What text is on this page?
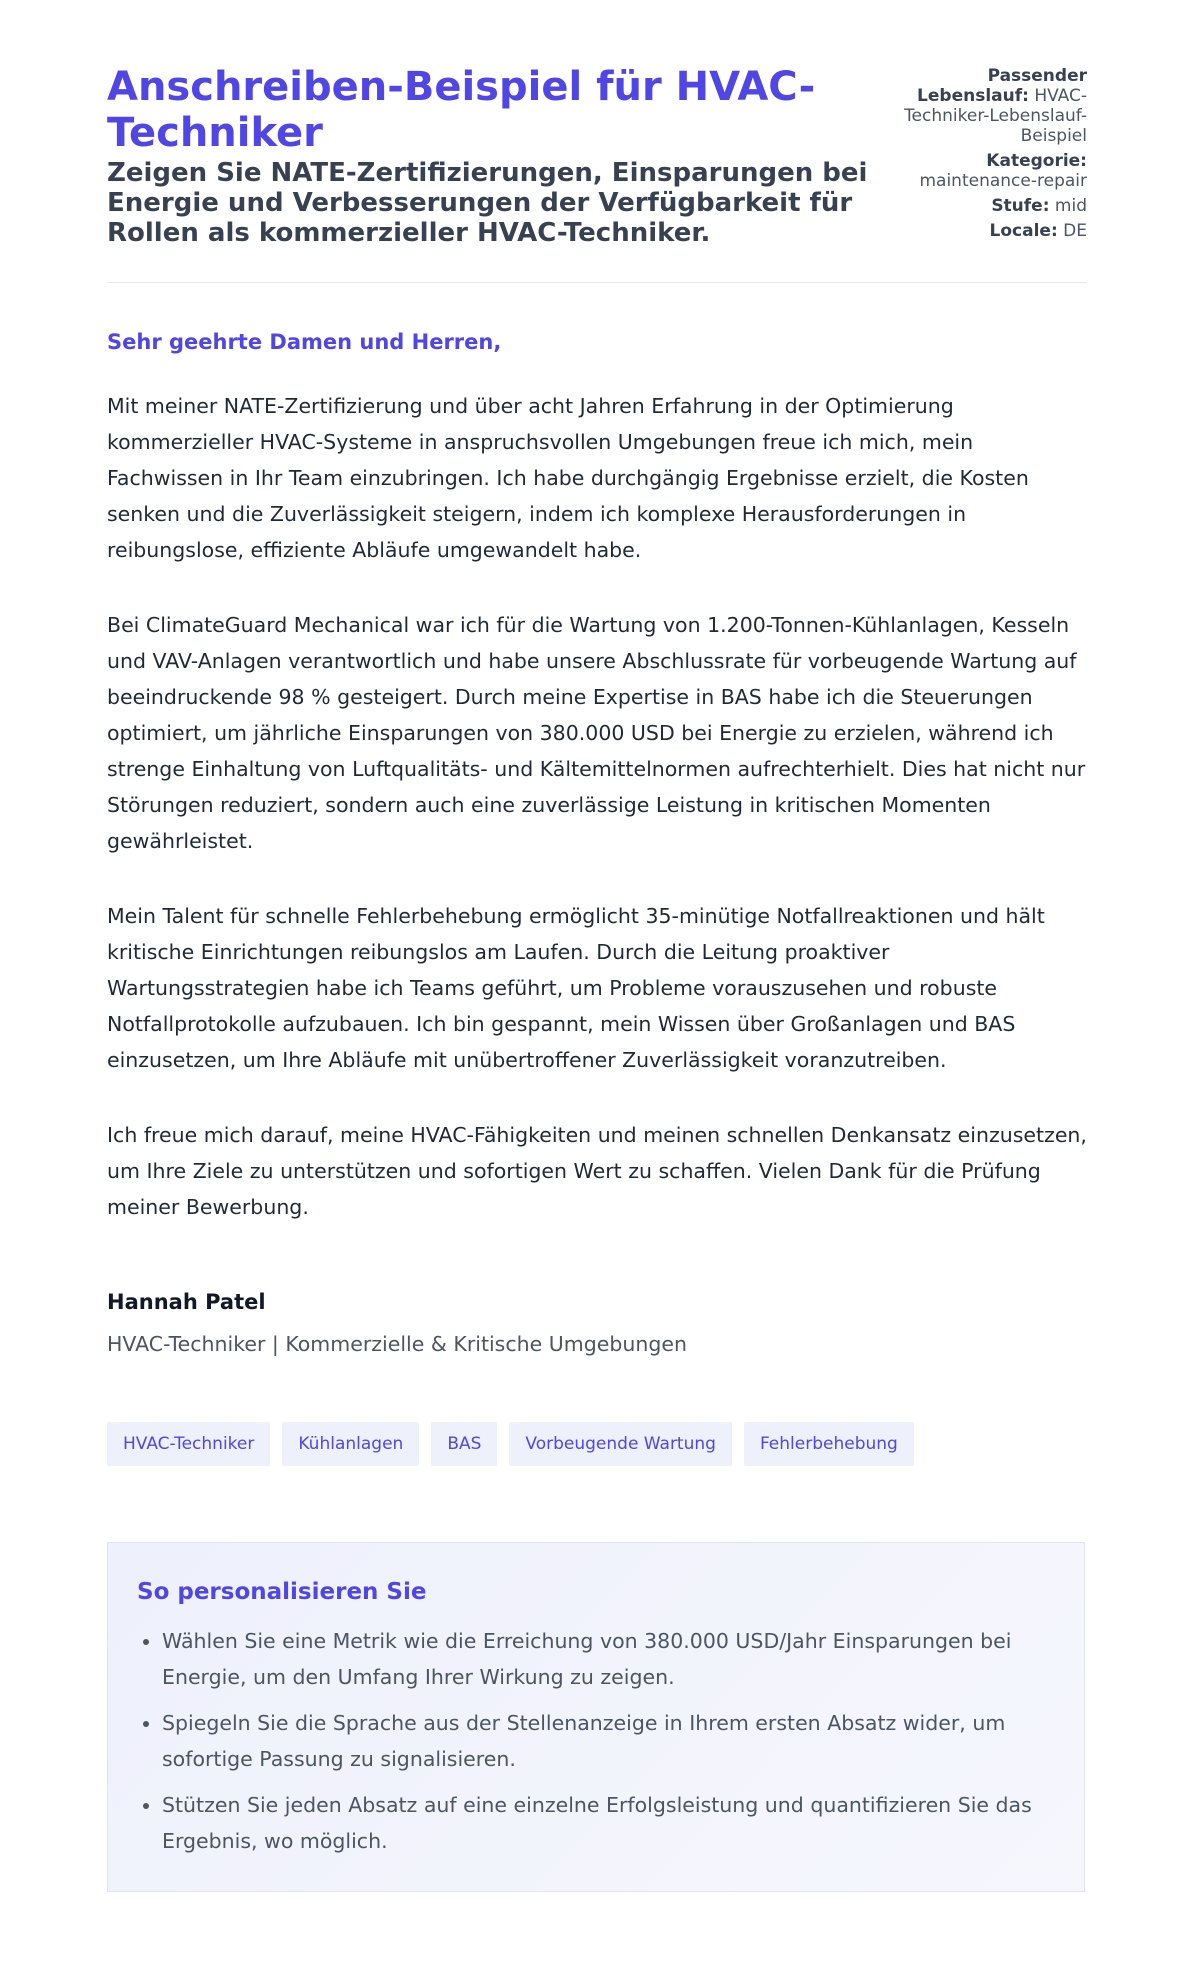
Anschreiben-Beispiel für HVAC-Techniker
Zeigen Sie NATE-Zertifizierungen, Einsparungen bei Energie und Verbesserungen der Verfügbarkeit für Rollen als kommerzieller HVAC-Techniker.
Passender Lebenslauf: HVAC-Techniker-Lebenslauf-Beispiel
Kategorie: maintenance-repair
Stufe: mid
Locale: DE

Sehr geehrte Damen und Herren,

Mit meiner NATE-Zertifizierung und über acht Jahren Erfahrung in der Optimierung kommerzieller HVAC-Systeme in anspruchsvollen Umgebungen freue ich mich, mein Fachwissen in Ihr Team einzubringen. Ich habe durchgängig Ergebnisse erzielt, die Kosten senken und die Zuverlässigkeit steigern, indem ich komplexe Herausforderungen in reibungslose, effiziente Abläufe umgewandelt habe.

Bei ClimateGuard Mechanical war ich für die Wartung von 1.200-Tonnen-Kühlanlagen, Kesseln und VAV-Anlagen verantwortlich und habe unsere Abschlussrate für vorbeugende Wartung auf beeindruckende 98 % gesteigert. Durch meine Expertise in BAS habe ich die Steuerungen optimiert, um jährliche Einsparungen von 380.000 USD bei Energie zu erzielen, während ich strenge Einhaltung von Luftqualitäts- und Kältemittelnormen aufrechterhielt. Dies hat nicht nur Störungen reduziert, sondern auch eine zuverlässige Leistung in kritischen Momenten gewährleistet.

Mein Talent für schnelle Fehlerbehebung ermöglicht 35-minütige Notfallreaktionen und hält kritische Einrichtungen reibungslos am Laufen. Durch die Leitung proaktiver Wartungsstrategien habe ich Teams geführt, um Probleme vorauszusehen und robuste Notfallprotokolle aufzubauen. Ich bin gespannt, mein Wissen über Großanlagen und BAS einzusetzen, um Ihre Abläufe mit unübertroffener Zuverlässigkeit voranzutreiben.

Ich freue mich darauf, meine HVAC-Fähigkeiten und meinen schnellen Denkansatz einzusetzen, um Ihre Ziele zu unterstützen und sofortigen Wert zu schaffen. Vielen Dank für die Prüfung meiner Bewerbung.

Hannah Patel

HVAC-Techniker | Kommerzielle & Kritische Umgebungen

HVAC-Techniker	Kühlanlagen	BAS	Vorbeugende Wartung	Fehlerbehebung
So personalisieren Sie
• Wählen Sie eine Metrik wie die Erreichung von 380.000 USD/Jahr Einsparungen bei Energie, um den Umfang Ihrer Wirkung zu zeigen.
• Spiegeln Sie die Sprache aus der Stellenanzeige in Ihrem ersten Absatz wider, um sofortige Passung zu signalisieren.
• Stützen Sie jeden Absatz auf eine einzelne Erfolgsleistung und quantifizieren Sie das Ergebnis, wo möglich.
